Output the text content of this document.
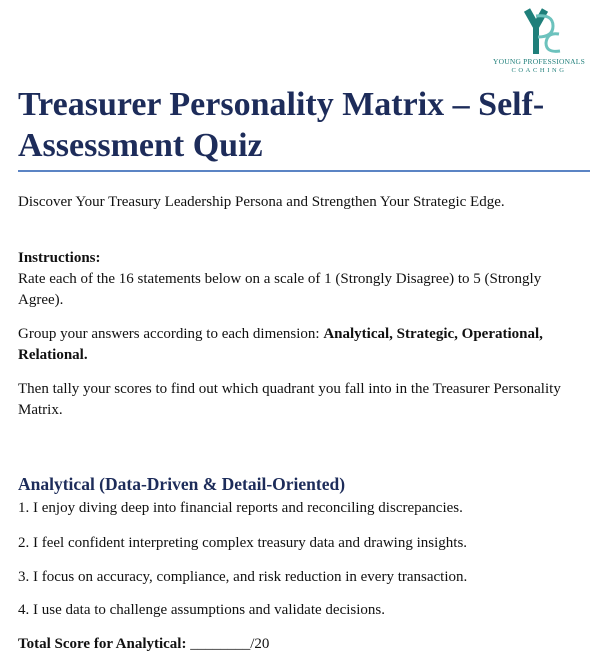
YOUNG PROFESSIONALS
COACHING
Treasurer Personality Matrix – Self-Assessment Quiz

Discover Your Treasury Leadership Persona and Strengthen Your Strategic Edge.

Instructions:

Rate each of the 16 statements below on a scale of 1 (Strongly Disagree) to 5 (Strongly Agree).

Group your answers according to each dimension: Analytical, Strategic, Operational, Relational.

Then tally your scores to find out which quadrant you fall into in the Treasurer Personality Matrix.

Analytical (Data-Driven & Detail-Oriented)

1. I enjoy diving deep into financial reports and reconciling discrepancies.

2. I feel confident interpreting complex treasury data and drawing insights.

3. I focus on accuracy, compliance, and risk reduction in every transaction.

4. I use data to challenge assumptions and validate decisions.

Total Score for Analytical: ________/20
